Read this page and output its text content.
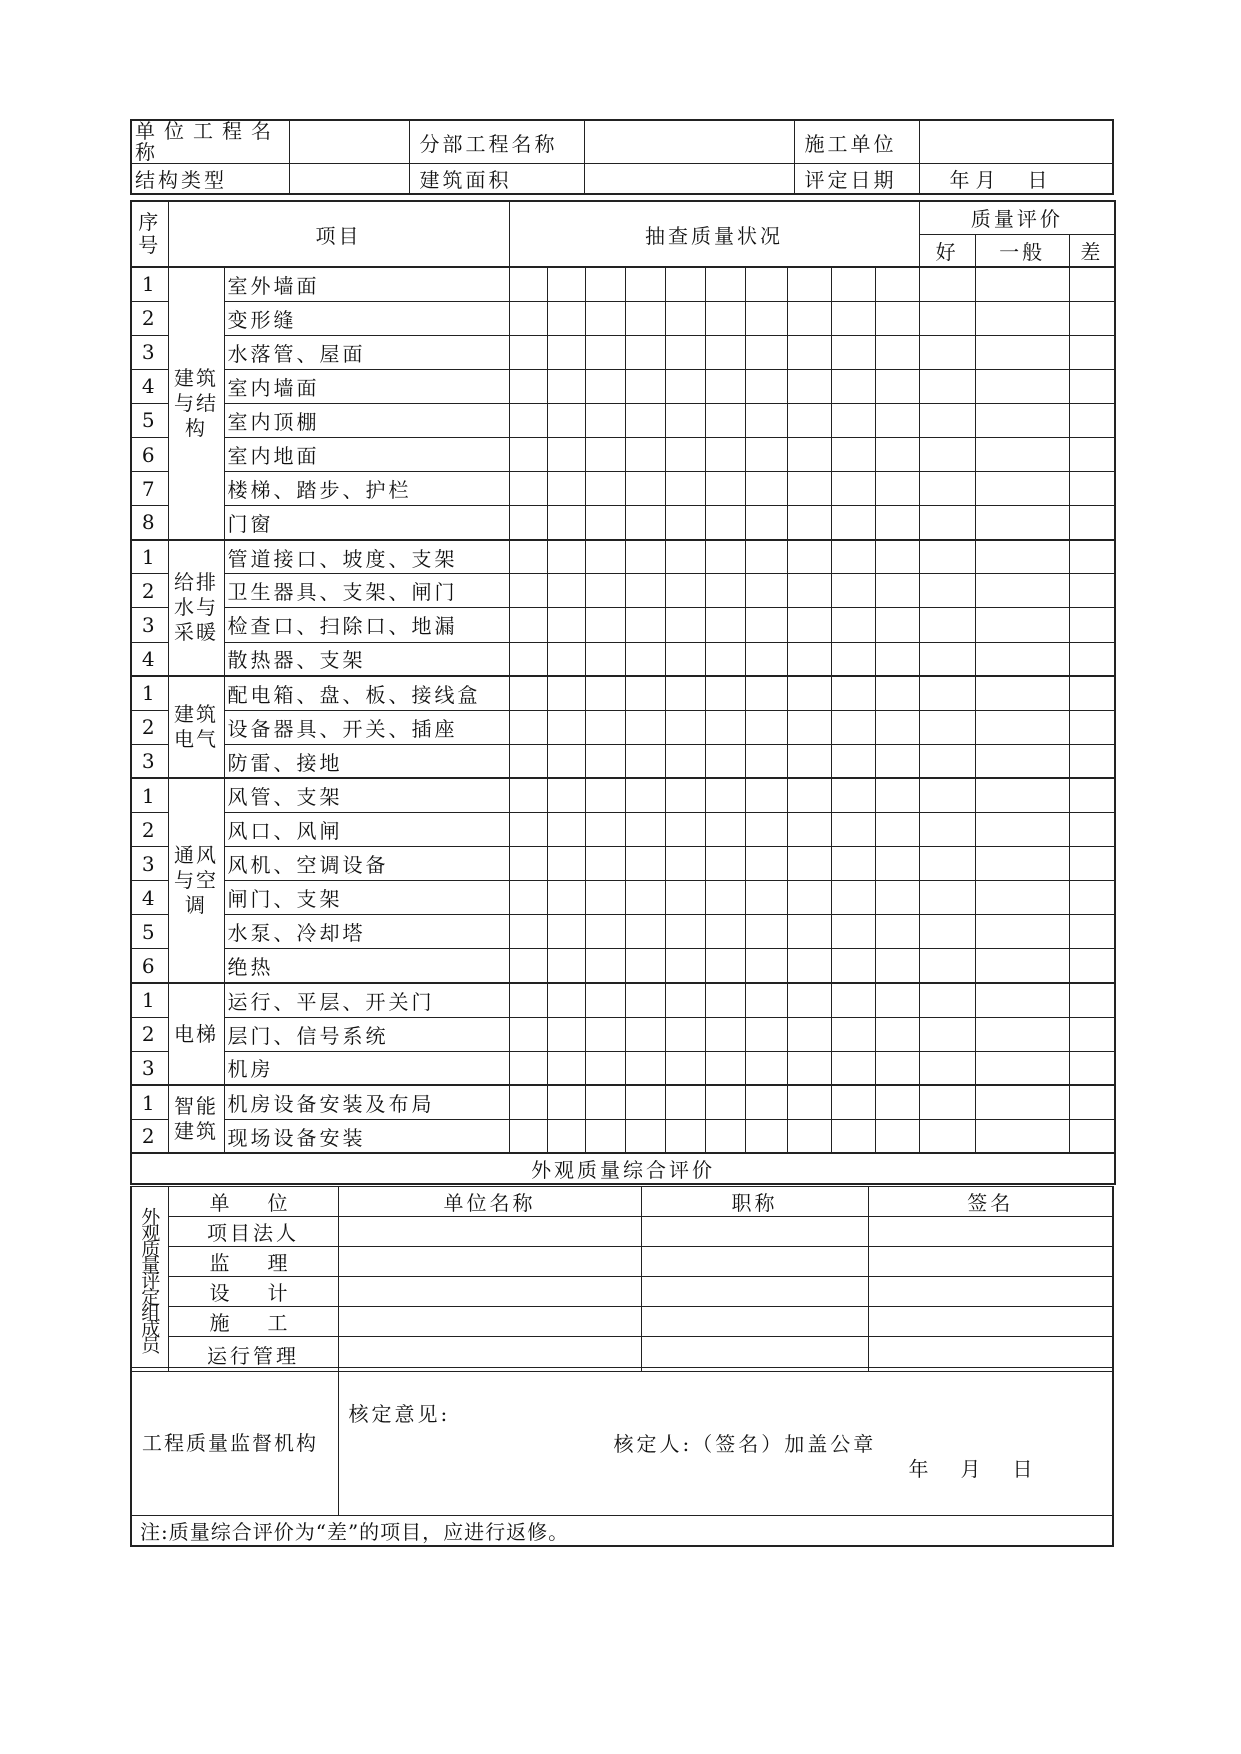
单位工程名称		分部工程名称		施工单位	
结构类型		建筑面积		评定日期	年月　日
序号	项目		抽查质量状况										质量评价		
													好	一般	差
1	建筑与结构	室外墙面													
2		变形缝													
3		水落管、屋面													
4		室内墙面													
5		室内顶棚													
6		室内地面													
7		楼梯、踏步、护栏													
8		门窗													
1	给排水与采暖	管道接口、坡度、支架													
2		卫生器具、支架、闸门													
3		检查口、扫除口、地漏													
4		散热器、支架													
1	建筑电气	配电箱、盘、板、接线盒													
2		设备器具、开关、插座													
3		防雷、接地													
1	通风与空调	风管、支架													
2		风口、风闸													
3		风机、空调设备													
4		闸门、支架													
5		水泵、冷却塔													
6		绝热													
1	电梯	运行、平层、开关门													
2		层门、信号系统													
3		机房													
1	智能建筑	机房设备安装及布局													
2		现场设备安装													
外观质量综合评价															
外观质量评定组成员	单　位	单位名称	职称	签名
	项目法人			
	监　理			
	设　计			
	施　工			
	运行管理			
工程质量监督机构	
核定意见:
核定人:（签名）加盖公章
年　月　日

注:质量综合评价为“差”的项目，应进行返修。
